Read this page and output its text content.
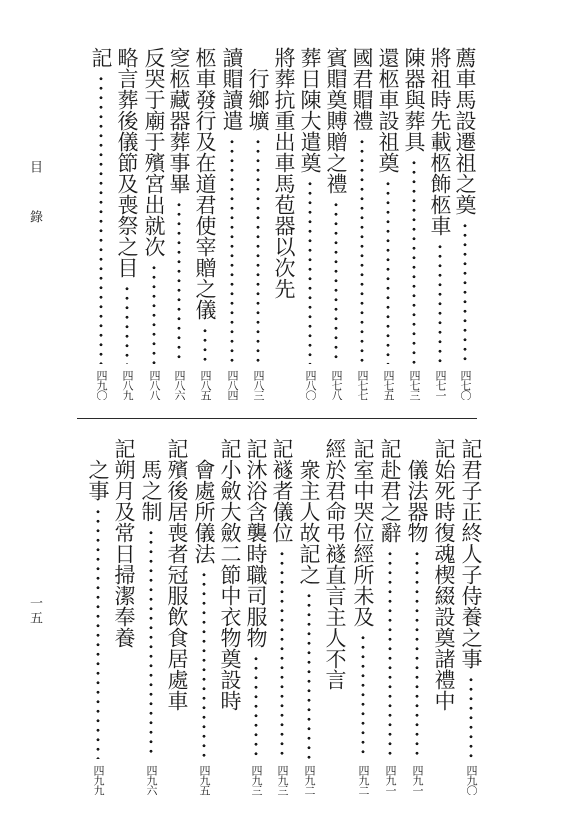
目　錄
一五
薦車馬設遷祖之奠
四七〇
將祖時先載柩飾柩車
四七一
陳器與葬具
四七三
還柩車設祖奠
四七五
國君賵禮
四七七
賓賵奠賻贈之禮
四七八
葬日陳大遣奠
四八〇
將葬抗重出車馬苞器以次先
行鄉壙
四八三
讀賵讀遣
四八四
柩車發行及在道君使宰贈之儀
四八五
窆柩藏器葬事畢
四八六
反哭于廟于殯宮出就次
四八八
略言葬後儀節及喪祭之目
四八九
記
四九〇
記君子正終人子侍養之事
四九〇
記始死時復魂楔綴設奠諸禮中
儀法器物
四九一
記赴君之辭
四九一
記室中哭位經所未及
四九二
經於君命弔襚直言主人不言
衆主人故記之
四九二
記襚者儀位
四九三
記沐浴含襲時職司服物
四九三
記小斂大斂二節中衣物奠設時
會處所儀法
四九五
記殯後居喪者冠服飲食居處車
馬之制
四九六
記朔月及常日掃潔奉養
之事
四九九
